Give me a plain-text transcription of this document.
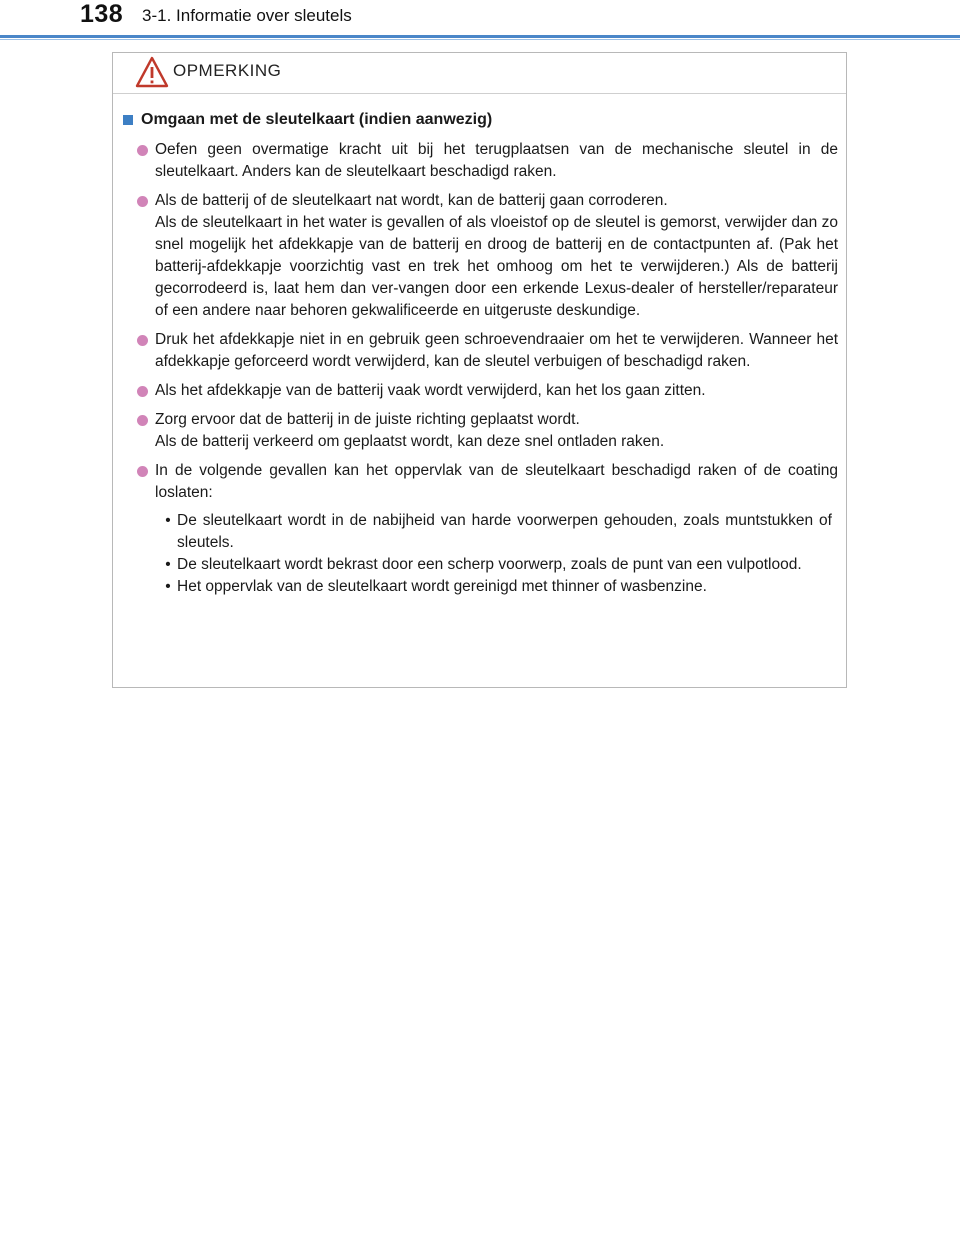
138 3-1. Informatie over sleutels
OPMERKING
Omgaan met de sleutelkaart (indien aanwezig)

Oefen geen overmatige kracht uit bij het terugplaatsen van de mechanische sleutel in de sleutelkaart. Anders kan de sleutelkaart beschadigd raken.

Als de batterij of de sleutelkaart nat wordt, kan de batterij gaan corroderen.

Als de sleutelkaart in het water is gevallen of als vloeistof op de sleutel is gemorst, verwijder dan zo snel mogelijk het afdekkapje van de batterij en droog de batterij en de contactpunten af. (Pak het batterij-afdekkapje voorzichtig vast en trek het omhoog om het te verwijderen.) Als de batterij gecorrodeerd is, laat hem dan ver-vangen door een erkende Lexus-dealer of hersteller/reparateur of een andere naar behoren gekwalificeerde en uitgeruste deskundige.

Druk het afdekkapje niet in en gebruik geen schroevendraaier om het te verwijderen. Wanneer het afdekkapje geforceerd wordt verwijderd, kan de sleutel verbuigen of beschadigd raken.

Als het afdekkapje van de batterij vaak wordt verwijderd, kan het los gaan zitten.

Zorg ervoor dat de batterij in de juiste richting geplaatst wordt.

Als de batterij verkeerd om geplaatst wordt, kan deze snel ontladen raken.

In de volgende gevallen kan het oppervlak van de sleutelkaart beschadigd raken of de coating loslaten:

• De sleutelkaart wordt in de nabijheid van harde voorwerpen gehouden, zoals muntstukken of sleutels.
• De sleutelkaart wordt bekrast door een scherp voorwerp, zoals de punt van een vulpotlood.
• Het oppervlak van de sleutelkaart wordt gereinigd met thinner of wasbenzine.
